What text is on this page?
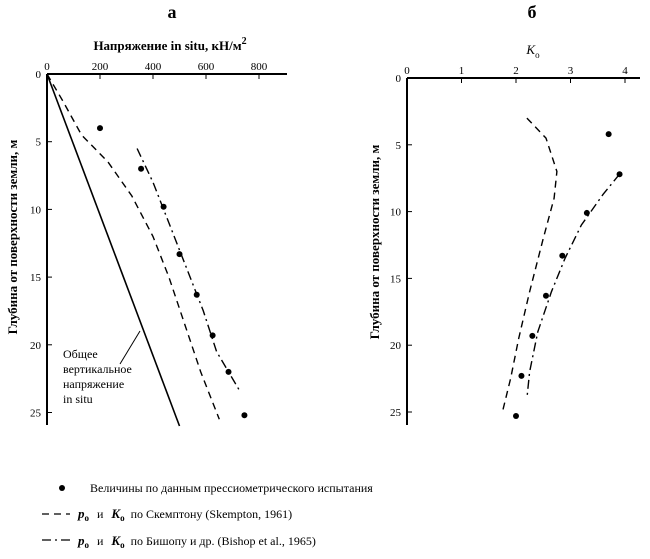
а
Напряжение in situ, $кН/м^2$
Глубина от поверхности земли, м
0	200	400	600	800
0
5
10
15
20
25
Общее
вертикальное
напряжение
in situ
б
$K_o$
Глубина от поверхности земли, м
0	1	2	3	4
0
5
10
15
20
25
Величины по данным прессиометрического испытания
po и Ko по Скемптону (Skempton, 1961)
po и Ko по Бишопу и др. (Bishop et al., 1965)
